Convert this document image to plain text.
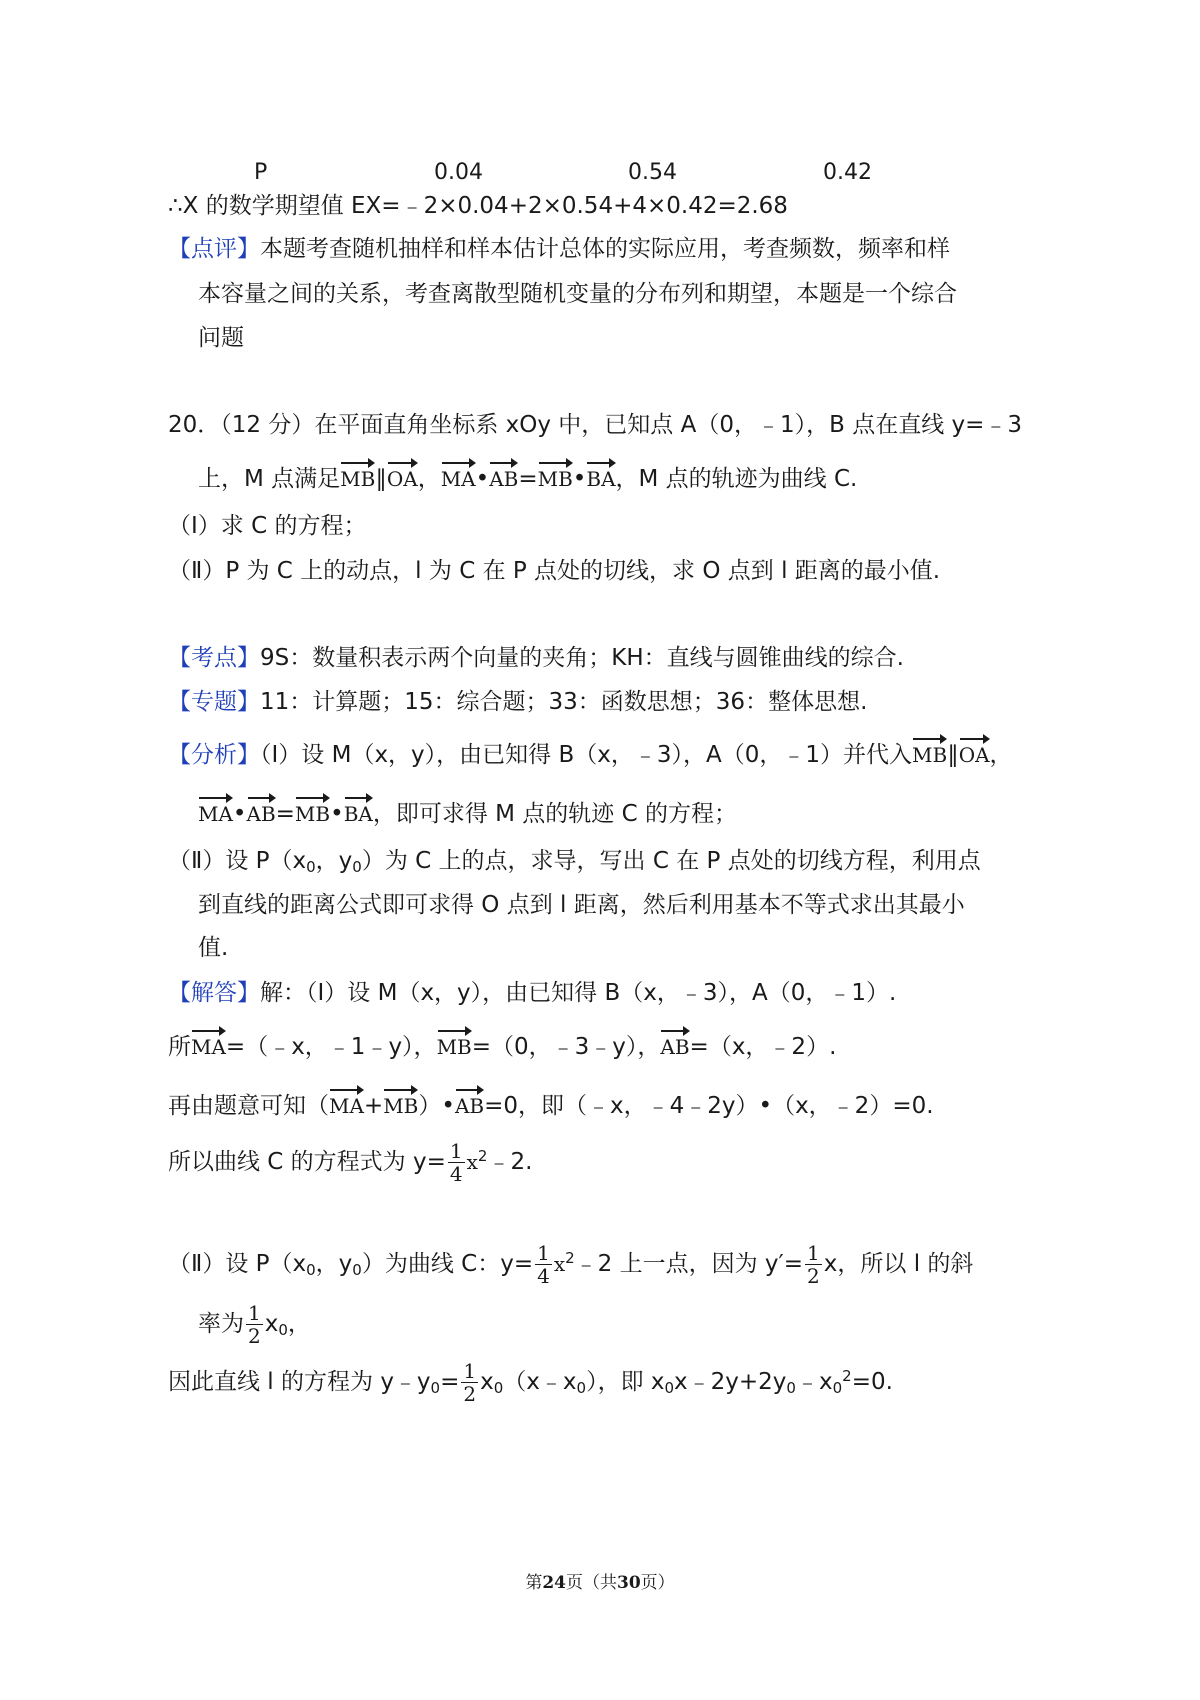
P	0.04	0.54	0.42
∴X 的数学期望值 EX=﹣2×0.04+2×0.54+4×0.42=2.68
【点评】本题考查随机抽样和样本估计总体的实际应用，考查频数，频率和样
本容量之间的关系，考查离散型随机变量的分布列和期望，本题是一个综合
问题
20．（12 分）在平面直角坐标系 xOy 中，已知点 A（0，﹣1），B 点在直线 y=﹣3
上，M 点满足MB∥OA，MA•AB=MB•BA，M 点的轨迹为曲线 C.
（Ⅰ）求 C 的方程；
（Ⅱ）P 为 C 上的动点，l 为 C 在 P 点处的切线，求 O 点到 l 距离的最小值.
【考点】9S：数量积表示两个向量的夹角；KH：直线与圆锥曲线的综合.
【专题】11：计算题；15：综合题；33：函数思想；36：整体思想.
【分析】（Ⅰ）设 M（x，y），由已知得 B（x，﹣3），A（0，﹣1）并代入MB∥OA，
MA•AB=MB•BA，即可求得 M 点的轨迹 C 的方程；
（Ⅱ）设 $P(x_0$，$y_0$）为 C 上的点，求导，写出 C 在 P 点处的切线方程，利用点
到直线的距离公式即可求得 O 点到 l 距离，然后利用基本不等式求出其最小
值.
【解答】解：（Ⅰ）设 M（x，y），由已知得 B（x，﹣3），A（0，﹣1）.
所MA=（﹣x，﹣1﹣y），MB=（0，﹣3﹣y），AB=（x，﹣2）.
再由题意可知（MA+MB）•AB=0，即（﹣x，﹣4﹣2y）•（x，﹣2）=0.
所以曲线 C 的方程式为 $y= \frac{1}{4}$ $x^2﹣2$.
（Ⅱ）设 $P(x_0$，$y_0$）为曲线 C：$y= \frac{1}{4}$ $x^2﹣2$ 上一点，因为 $y'= \frac{1}{2}$ x，所以 l 的斜
率为 $\frac{1}{2} x_0$，
因此直线 l 的方程为 $y﹣y_0= \frac{1}{2}$ $x_0(x﹣x_0)$，即 $x_0x﹣2y+2y_0﹣x_0^2=0$.
第24页（共30页）
